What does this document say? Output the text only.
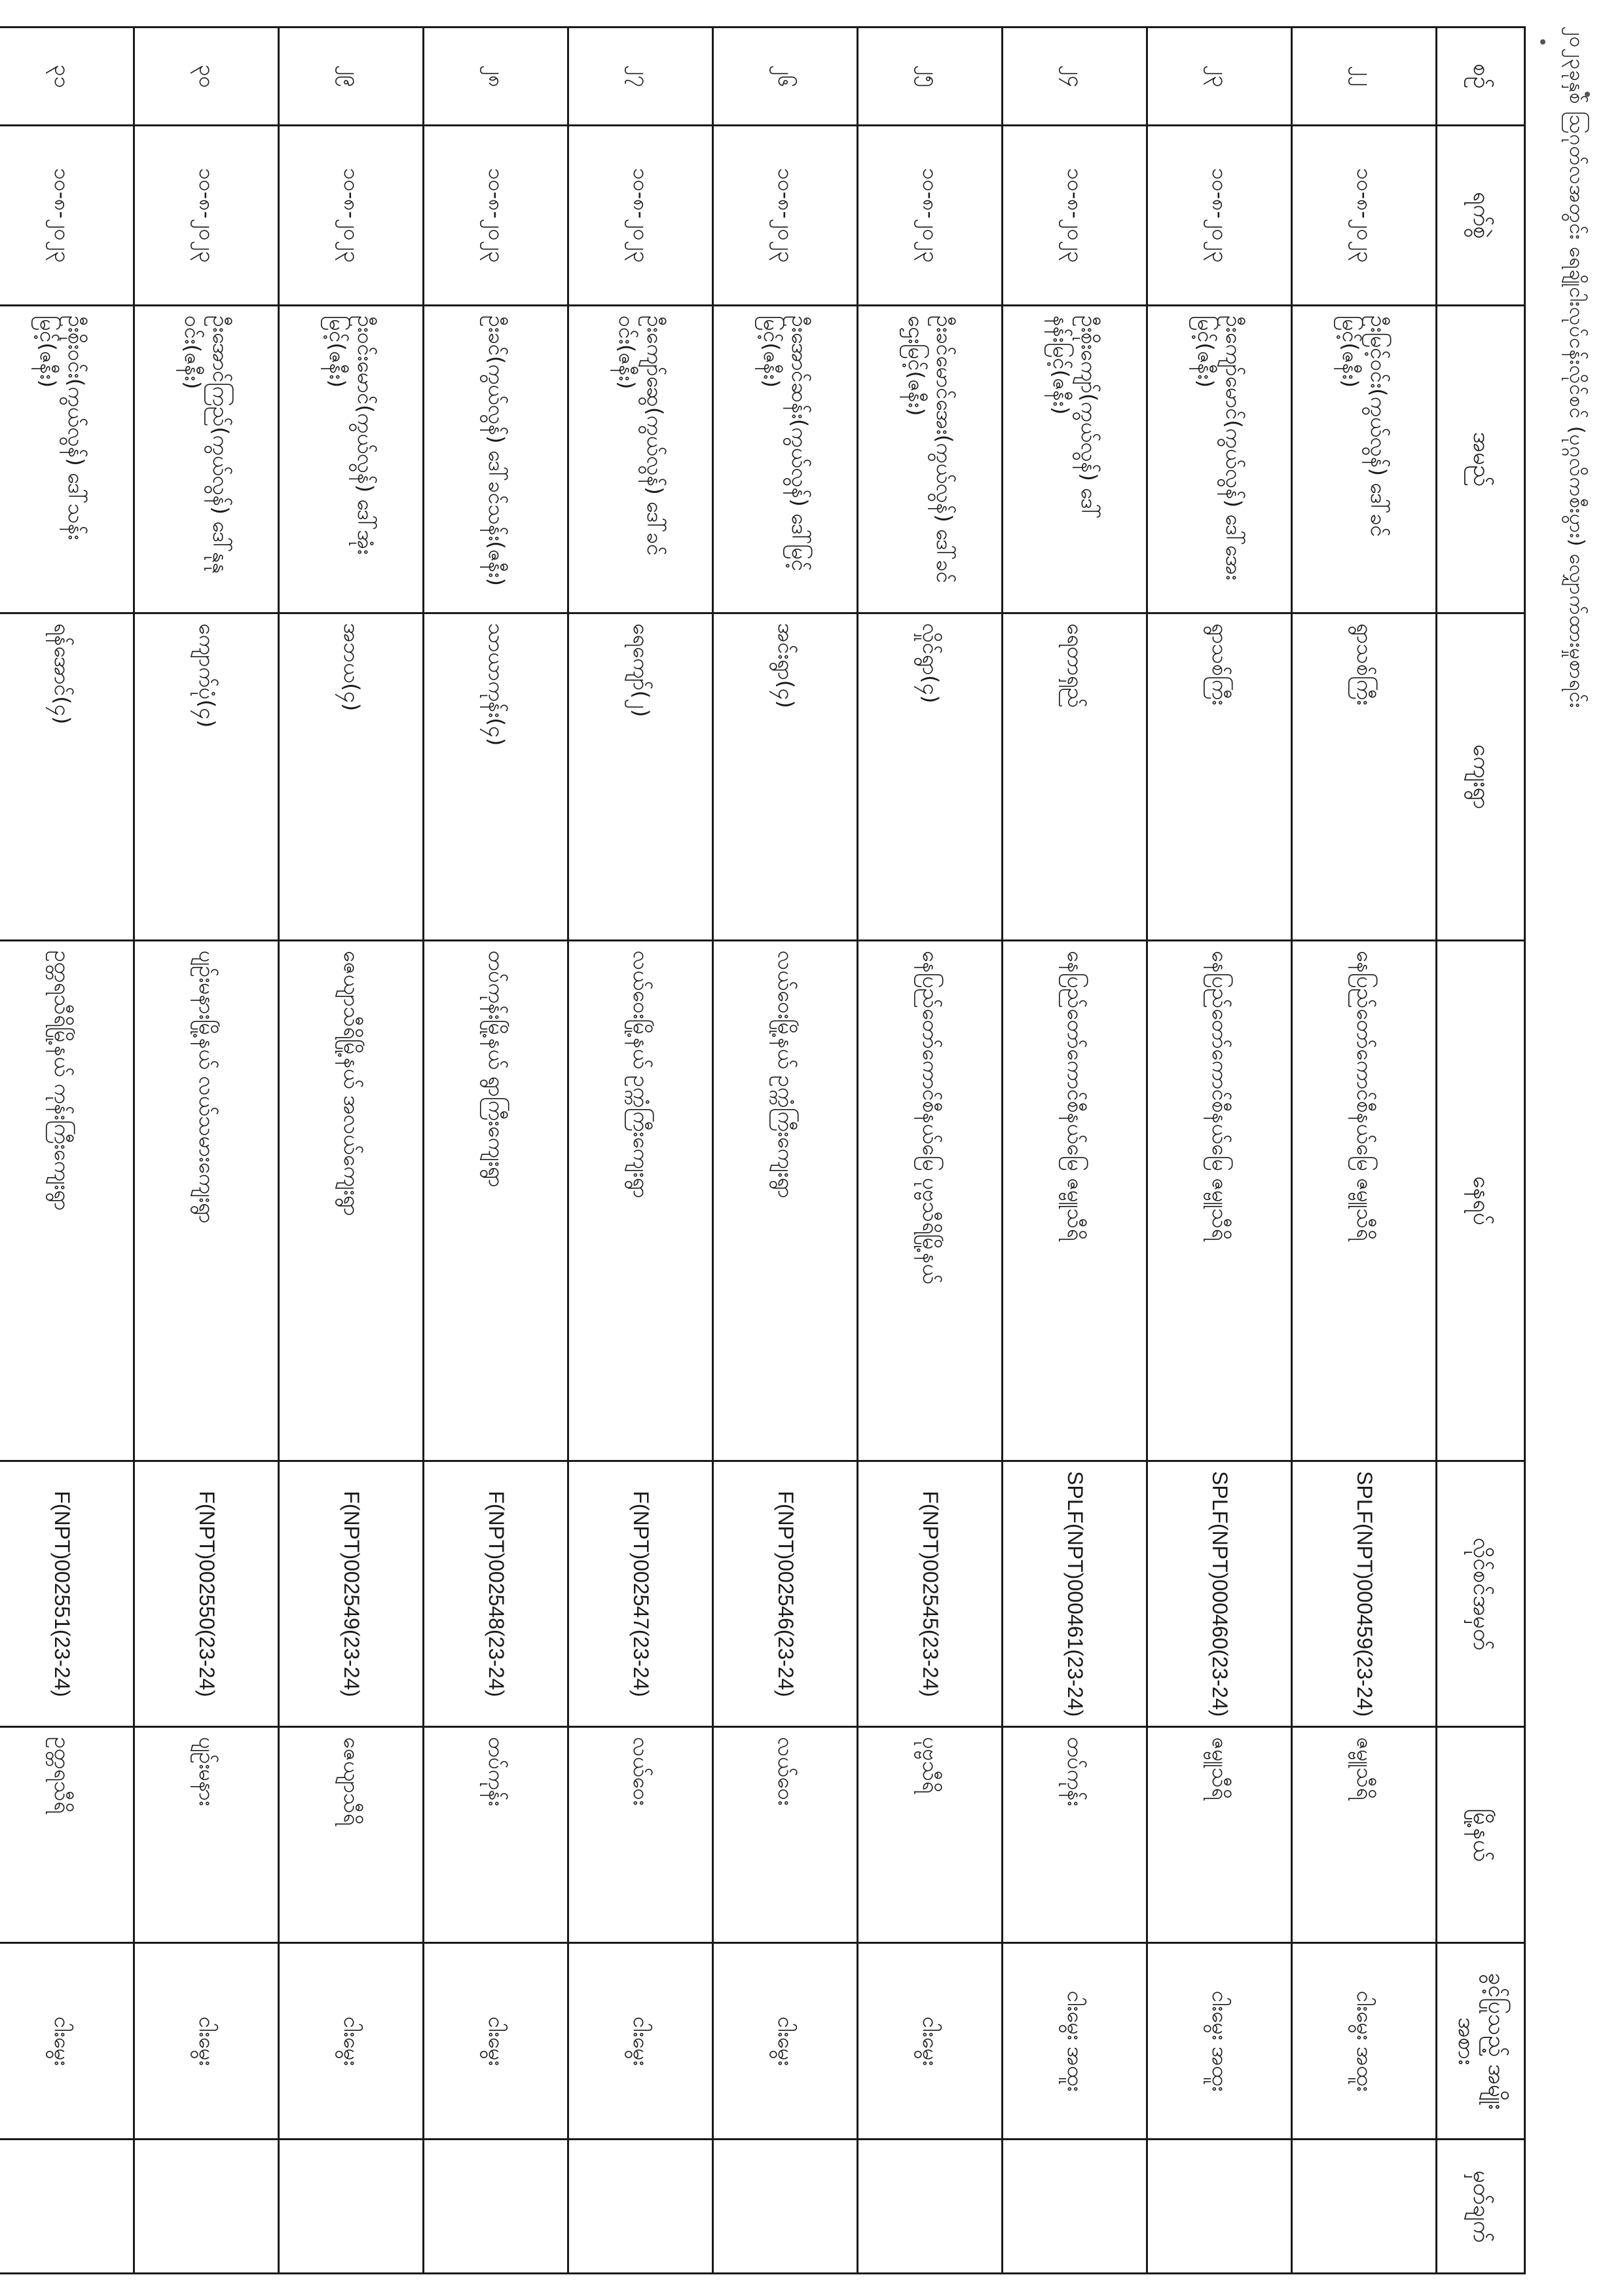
၂၀၂၃ခုနှစ် ဩဂုတ်လအတွင်း ရေချိုငါးလုပ်ငန်းလိုင်စင် (ပုဂ္ဂလိကစီးပွား) လျှောက်ထားမှုစာရင်း
စဉ်	ရက်စွဲ	အမည်	ကျေးရွာ	နေရပ်	လိုင်စင်အမှတ်	မြို့နယ်	ခွင့်ပြုသည့် အမျိုးအစား	မှတ်ချက်
၂၂	၁၀-၈-၂၀၂၃	ဦးမြင့်ဝင်း(ကွယ်လွန်) ဒေါ်ခင်မြင့်(ဇနီး)	ရွာသစ်ကြီး	နေပြည်တော်ကောင်စီနယ်မြေ ဇမ္ဗူသီရိ	SPLF(NPT)000459(23-24)	ဇမ္ဗူသီရိ	ငါးမွေး အထူး	
၂၃	၁၀-၈-၂၀၂၃	ဦးကျော်မောင်(ကွယ်လွန်) ဒေါ်အေးမြင့်(ဇနီး)	ရွာသစ်ကြီး	နေပြည်တော်ကောင်စီနယ်မြေ ဇမ္ဗူသီရိ	SPLF(NPT)000460(23-24)	ဇမ္ဗူသီရိ	ငါးမွေး အထူး	
၂၄	၁၀-၈-၂၀၂၃	ဦးစိုးကျော်(ကွယ်လွန်) ဒေါ်နန်းမြင့်(ဇနီး)	ရေတာရှည်	နေပြည်တော်ကောင်စီနယ်မြေ ဇမ္ဗူသီရိ	SPLF(NPT)000461(23-24)	တပ်ကုန်း	ငါးမွေး အထူး	
၂၅	၁၀-၈-၂၀၂၃	ဦးခင်မောင်အေး(ကွယ်လွန်) ဒေါ်ခင်ဌေးမြင့်(ဇနီး)	လှိုင်ရွာ(၄)	နေပြည်တော်ကောင်စီနယ်မြေ ပုဗ္ဗသီရိမြို့နယ်	F(NPT)002545(23-24)	ပုဗ္ဗသီရိ	ငါးမွေး	
၂၆	၁၀-၈-၂၀၂၃	ဦးအောင်ဆန်း(ကွယ်လွန်) ဒေါ်မြင့်မြင့်(ဇနီး)	အင်းရွာ(၄)	လယ်ဝေးမြို့နယ် ဥက္ကံကြီးကျေးရွာ	F(NPT)002546(23-24)	လယ်ဝေး	ငါးမွေး	
၂၇	၁၀-၈-၂၀၂၃	ဦးကျော်ဆွေ(ကွယ်လွန်) ဒေါ်ခင်ဝင်း(ဇနီး)	ရေကျော်(၂)	လယ်ဝေးမြို့နယ် ဥက္ကံကြီးကျေးရွာ	F(NPT)002547(23-24)	လယ်ဝေး	ငါးမွေး	
၂၈	၁၀-၈-၂၀၂၃	ဦးခင်(ကွယ်လွန်) ဒေါ်ခင်သန်း(ဇနီး)	သာယာကုန်း(၄)	တပ်ကုန်းမြို့နယ် ရွာကြီးကျေးရွာ	F(NPT)002548(23-24)	တပ်ကုန်း	ငါးမွေး	
၂၉	၁၀-၈-၂၀၂၃	ဦးဝင်းမောင်(ကွယ်လွန်) ဒေါ်အုံးမြင့်(ဇနီး)	အဘယ(၄)	ဇေယျာသီရိမြို့နယ် အလယ်ကျေးရွာ	F(NPT)002549(23-24)	ဇေယျာသီရိ	ငါးမွေး	
၃၀	၁၀-၈-၂၀၂၃	ဦးအောင်ကြည်(ကွယ်လွန်) ဒေါ်နုနုဝင်း(ဇနီး)	ကျောက်ပုံ(၄)	ပျဉ်းမနားမြို့နယ် လယ်သမားကျေးရွာ	F(NPT)002550(23-24)	ပျဉ်းမနား	ငါးမွေး	
၃၁	၁၀-၈-၂၀၂၃	ဦးစိုးဝင်း(ကွယ်လွန်) ဒေါ်သန်းမြင့်(ဇနီး)	ရန်အောင်(၄)	ဥတ္တရသီရိမြို့နယ် ကုန်းကြီးကျေးရွာ	F(NPT)002551(23-24)	ဥတ္တရသီရိ	ငါးမွေး	
